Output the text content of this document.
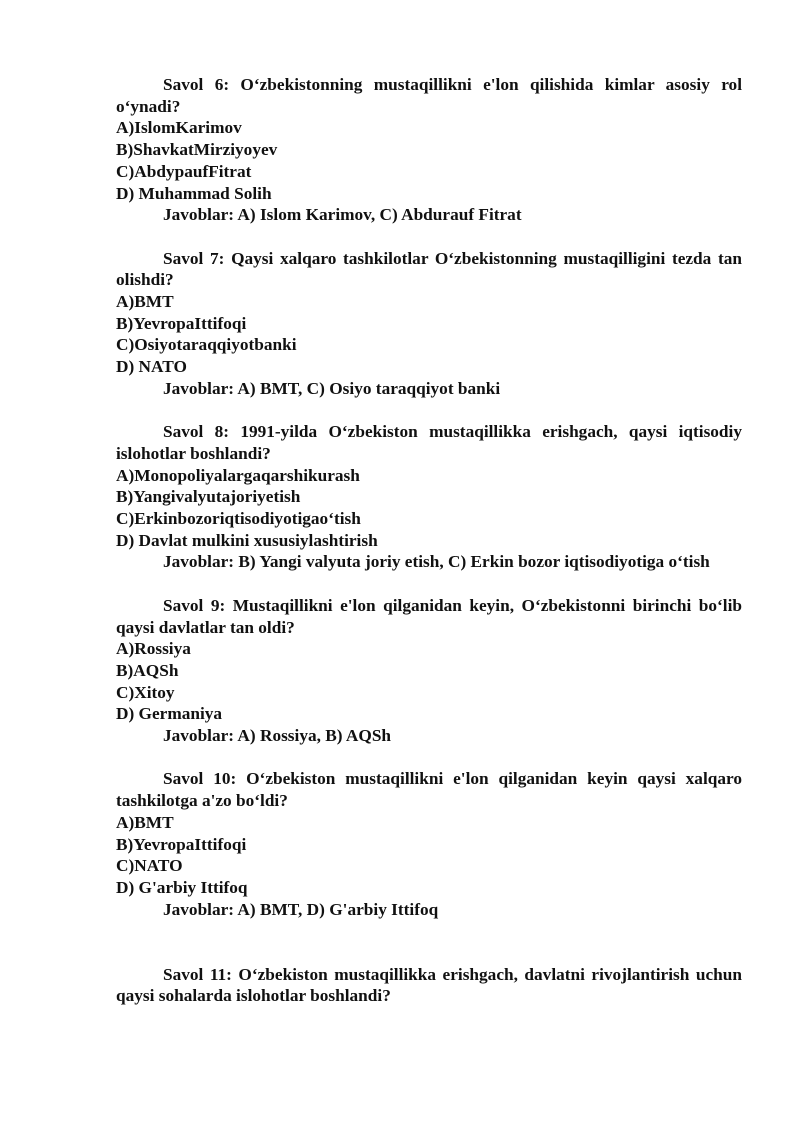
Savol 6: O‘zbekistonning mustaqillikni e'lon qilishida kimlar asosiy rol o‘ynadi?

A)IslomKarimov

B)ShavkatMirziyoyev

C)AbdураufFitrat

D) Muhammad Solih

Javoblar: A) Islom Karimov, C) Abdurauf Fitrat

Savol 7: Qaysi xalqaro tashkilotlar O‘zbekistonning mustaqilligini tezda tan olishdi?

A)BMT

B)YevropaIttifoqi

C)Osiyotaraqqiyotbanki

D) NATO

Javoblar: A) BMT, C) Osiyo taraqqiyot banki

Savol 8: 1991-yilda O‘zbekiston mustaqillikka erishgach, qaysi iqtisodiy islohotlar boshlandi?

A)Monopoliyalargaqarshikurash

B)Yangivalyutajoriyetish

C)Erkinbozoriqtisodiyotigao‘tish

D) Davlat mulkini xususiylashtirish

Javoblar: B) Yangi valyuta joriy etish, C) Erkin bozor iqtisodiyotiga o‘tish

Savol 9: Mustaqillikni e'lon qilganidan keyin, O‘zbekistonni birinchi bo‘lib qaysi davlatlar tan oldi?

A)Rossiya

B)AQSh

C)Xitoy

D) Germaniya

Javoblar: A) Rossiya, B) AQSh

Savol 10: O‘zbekiston mustaqillikni e'lon qilganidan keyin qaysi xalqaro tashkilotga a'zo bo‘ldi?

A)BMT

B)YevropaIttifoqi

C)NATO

D) G'arbiy Ittifoq

Javoblar: A) BMT, D) G'arbiy Ittifoq

Savol 11: O‘zbekiston mustaqillikka erishgach, davlatni rivojlantirish uchun qaysi sohalarda islohotlar boshlandi?
